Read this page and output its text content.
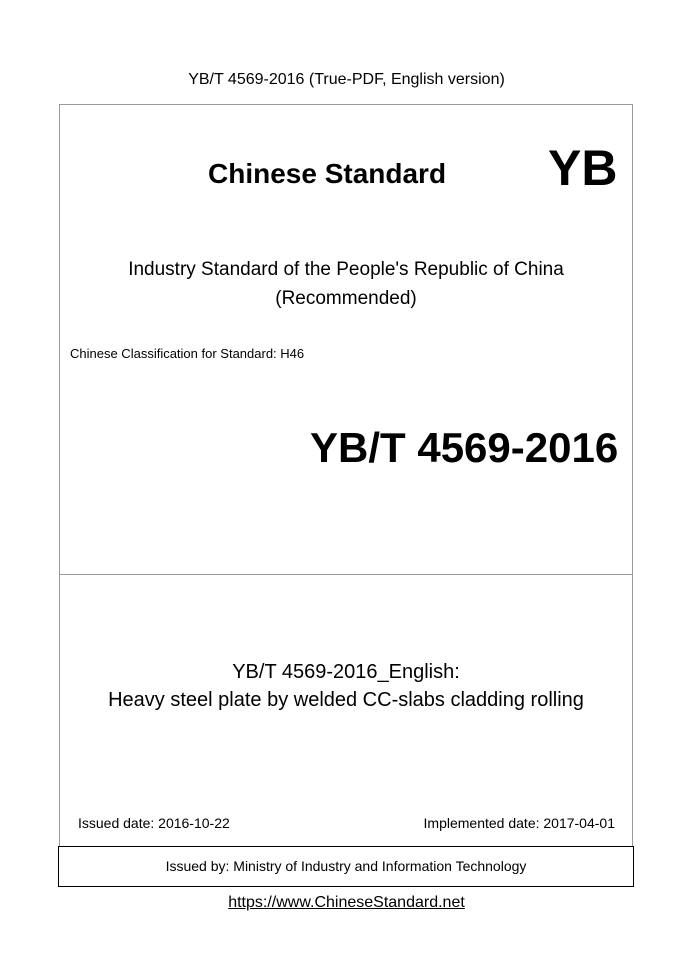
YB/T 4569-2016 (True-PDF, English version)
Chinese Standard YB
Industry Standard of the People's Republic of China
(Recommended)
Chinese Classification for Standard: H46
YB/T 4569-2016
YB/T 4569-2016_English:
Heavy steel plate by welded CC-slabs cladding rolling
Issued date: 2016-10-22	Implemented date: 2017-04-01
Issued by: Ministry of Industry and Information Technology
https://www.ChineseStandard.net
